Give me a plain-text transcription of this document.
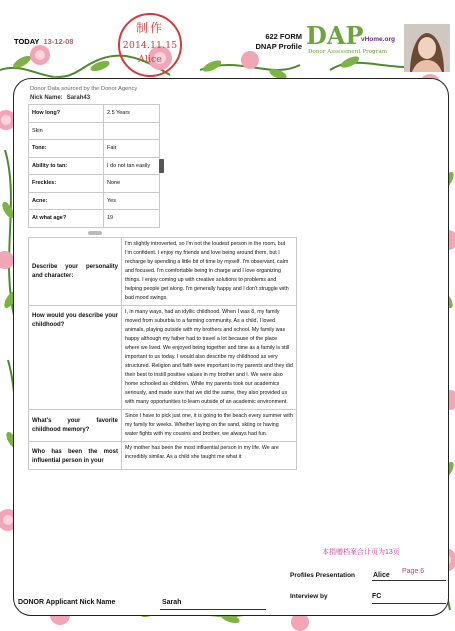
TODAY 13-12-08
制作
2014.11.15
Alice
622 FORM
DNAP Profile DAP
vHome.org
Donor Assessment Program
Donor Data sourced by the Donor Agency
Nick Name: Sarah43
How long?	2.5 Years
Skin	
Tone:	Fair
Ability to tan:	I do not tan easily
Freckles:	None
Acne:	Yes
At what age?	19
Describe your personality and character:	I'm slightly introverted, so I'm not the loudest person in the room, but I'm confident. I enjoy my friends and love being around them, but I recharge by spending a little bit of time by myself. I'm observant, calm and focused. I'm comfortable being in charge and I love organizing things. I enjoy coming up with creative solutions to problems and helping people get along. I'm generally happy and I don't struggle with bad mood swings.
How would you describe your childhood?	I, in many ways, had an idyllic childhood. When I was 8, my family moved from suburbia to a farming community. As a child, I loved animals, playing outside with my brothers and school. My family was happy although my father had to travel a lot because of the place where we lived. We enjoyed being together and time as a family is still important to us today. I would also describe my childhood as very structured. Religion and faith were important to my parents and they did their best to instill positive values in my brother and I. We were also home schooled as children. While my parents took our academics seriously, and made sure that we did the same, they also provided us with many opportunities to learn outside of an academic environment.
What's your favorite childhood memory?	Since I have to pick just one, it is going to the beach every summer with my family for weeks. Whether laying on the sand, skiing or having water fights with my cousins and brother, we always had fun.
Who has been the most influential person in your	My mother has been the most influential person in my life. We are incredibly similar. As a child she taught me what it
本捐赠档案合计页为13页
Profiles Presentation	Alice
Page 6
Interview by	FC
DONOR Applicant Nick Name	Sarah
